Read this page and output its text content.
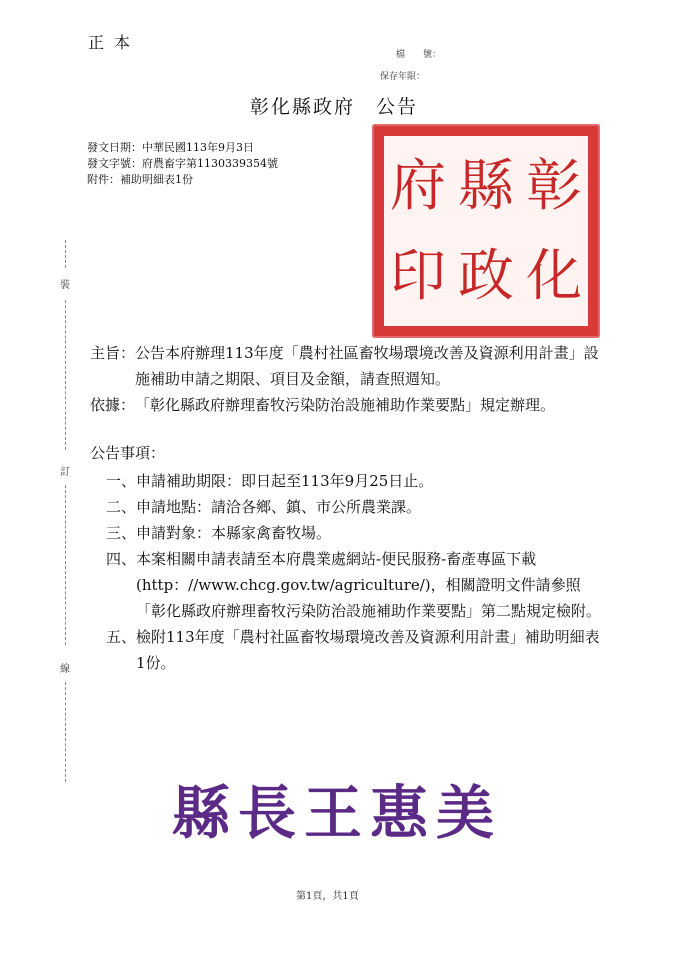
正本
檔　　號：
保存年限：
彰化縣政府　公告
發文日期：中華民國113年9月3日
發文字號：府農畜字第1130339354號
附件：補助明細表1份	府 縣 彰
印 政 化
裝
訂
線
主旨： 公告本府辦理113年度「農村社區畜牧場環境改善及資源利用計畫」設施補助申請之期限、項目及金額，請查照週知。
依據： 「彰化縣政府辦理畜牧污染防治設施補助作業要點」規定辦理。
公告事項：
一、 申請補助期限：即日起至113年9月25日止。
二、 申請地點：請洽各鄉、鎮、市公所農業課。
三、 申請對象：本縣家禽畜牧場。
四、 本案相關申請表請至本府農業處網站-便民服務-畜產專區下載(http：//www.chcg.gov.tw/agriculture/)，相關證明文件請參照「彰化縣政府辦理畜牧污染防治設施補助作業要點」第二點規定檢附。
五、 檢附113年度「農村社區畜牧場環境改善及資源利用計畫」補助明細表1份。
縣長王惠美
第1頁，共1頁
